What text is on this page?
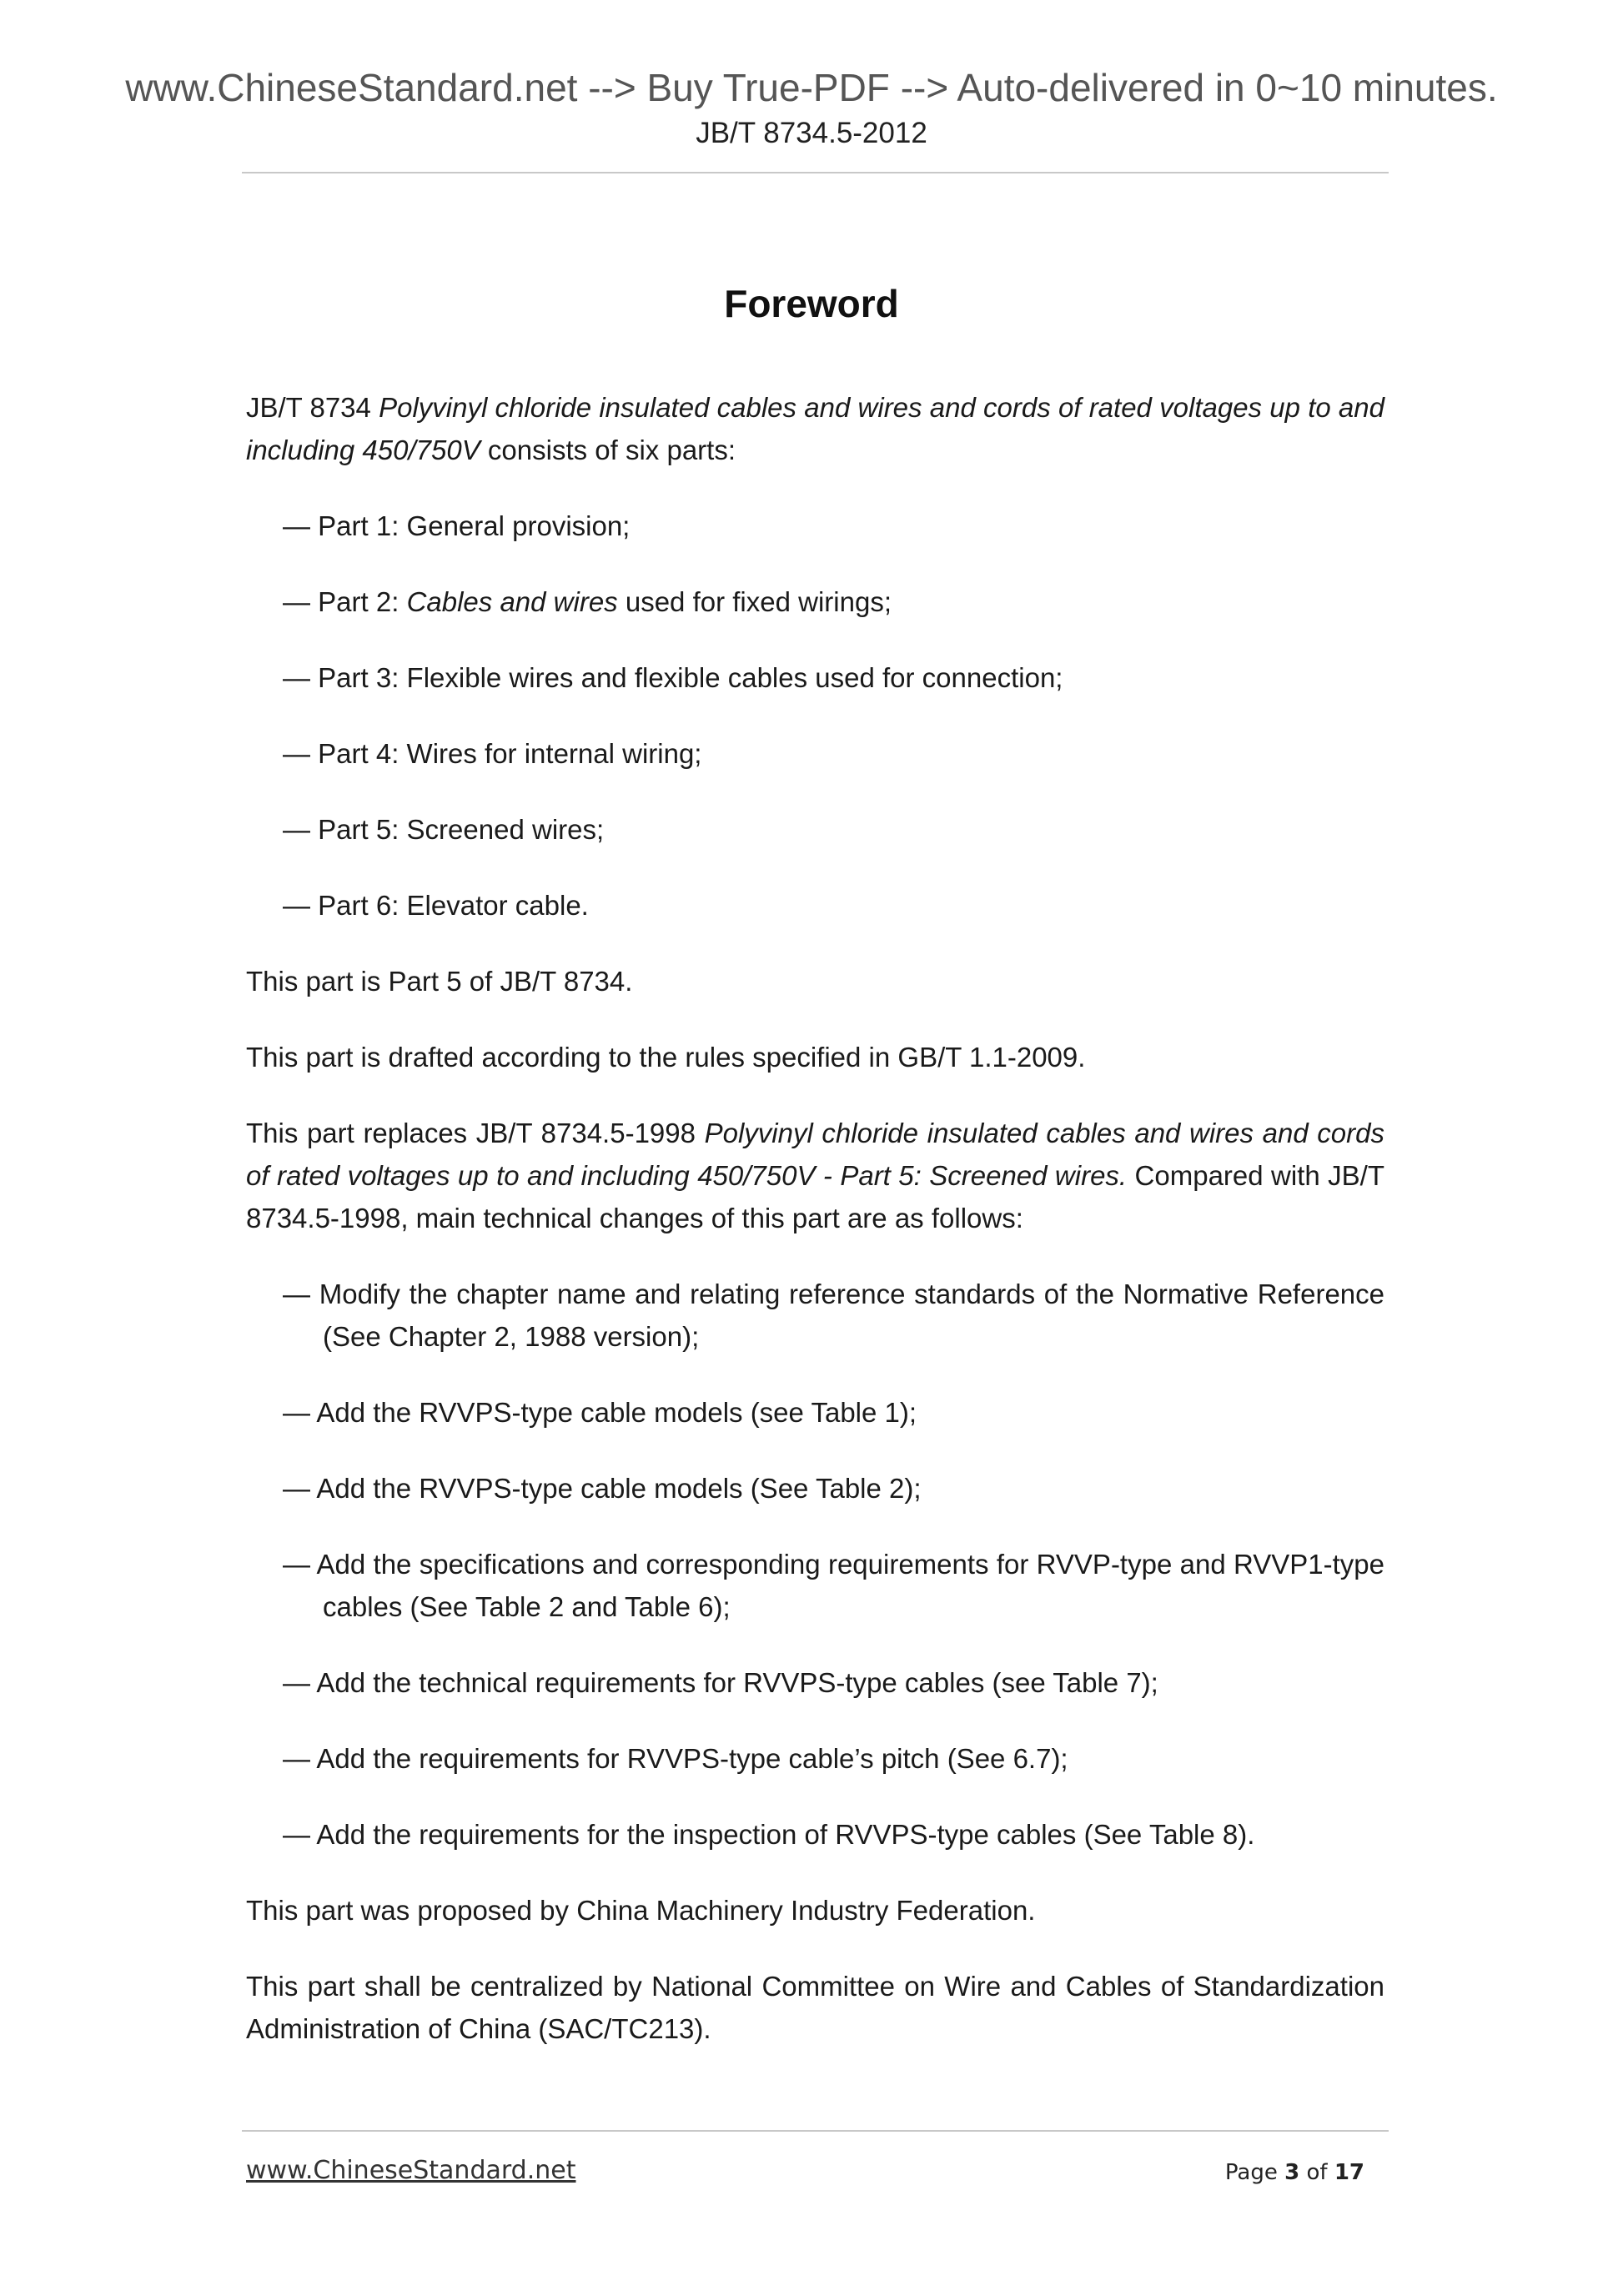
www.ChineseStandard.net --> Buy True-PDF --> Auto-delivered in 0~10 minutes.
JB/T 8734.5-2012
Foreword

JB/T 8734 Polyvinyl chloride insulated cables and wires and cords of rated voltages up to and including 450/750V consists of six parts:

— Part 1: General provision;

— Part 2: Cables and wires used for fixed wirings;

— Part 3: Flexible wires and flexible cables used for connection;

— Part 4: Wires for internal wiring;

— Part 5: Screened wires;

— Part 6: Elevator cable.

This part is Part 5 of JB/T 8734.

This part is drafted according to the rules specified in GB/T 1.1-2009.

This part replaces JB/T 8734.5-1998 Polyvinyl chloride insulated cables and wires and cords of rated voltages up to and including 450/750V - Part 5: Screened wires. Compared with JB/T 8734.5-1998, main technical changes of this part are as follows:

— Modify the chapter name and relating reference standards of the Normative Reference (See Chapter 2, 1988 version);

— Add the RVVPS-type cable models (see Table 1);

— Add the RVVPS-type cable models (See Table 2);

— Add the specifications and corresponding requirements for RVVP-type and RVVP1-type cables (See Table 2 and Table 6);

— Add the technical requirements for RVVPS-type cables (see Table 7);

— Add the requirements for RVVPS-type cable’s pitch (See 6.7);

— Add the requirements for the inspection of RVVPS-type cables (See Table 8).

This part was proposed by China Machinery Industry Federation.

This part shall be centralized by National Committee on Wire and Cables of Standardization Administration of China (SAC/TC213).

www.ChineseStandard.net	Page 3 of 17
